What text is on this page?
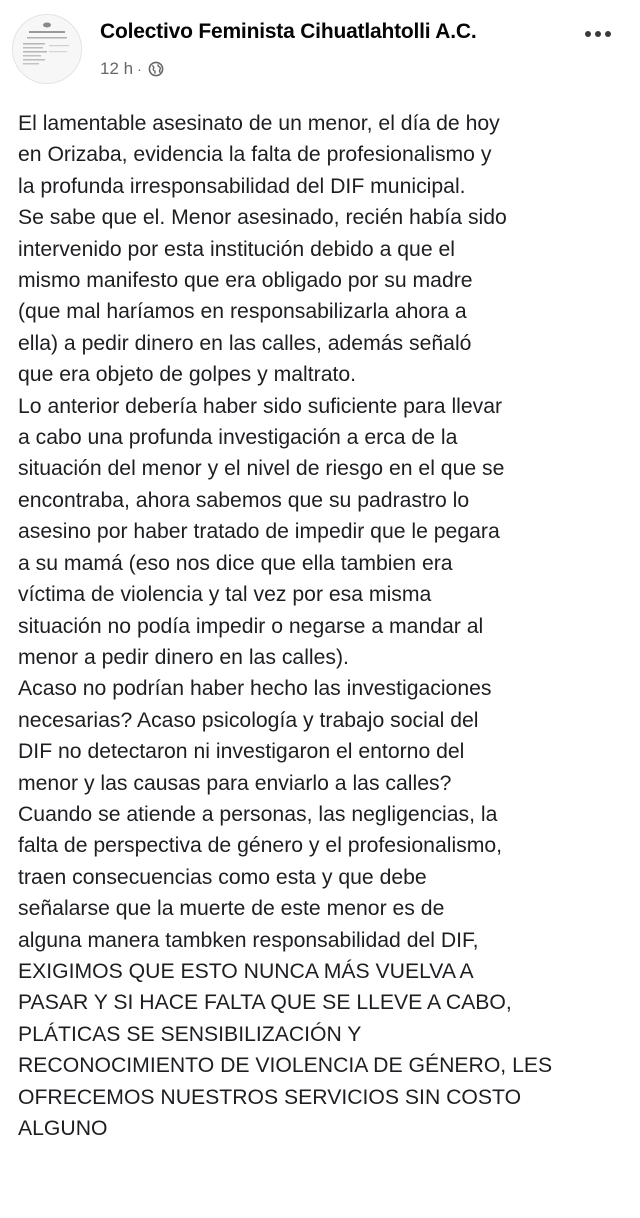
Colectivo Feminista Cihuatlahtolli A.C.
12 h ·

El lamentable asesinato de un menor, el día de hoy

en Orizaba, evidencia la falta de profesionalismo y

la profunda irresponsabilidad del DIF municipal.

Se sabe que el. Menor asesinado, recién había sido

intervenido por esta institución debido a que el

mismo manifesto que era obligado por su madre

(que mal haríamos en responsabilizarla ahora a

ella) a pedir dinero en las calles, además señaló

que era objeto de golpes y maltrato.

Lo anterior debería haber sido suficiente para llevar

a cabo una profunda investigación a erca de la

situación del menor y el nivel de riesgo en el que se

encontraba, ahora sabemos que su padrastro lo

asesino por haber tratado de impedir que le pegara

a su mamá (eso nos dice que ella tambien era

víctima de violencia y tal vez por esa misma

situación no podía impedir o negarse a mandar al

menor a pedir dinero en las calles).

Acaso no podrían haber hecho las investigaciones

necesarias? Acaso psicología y trabajo social del

DIF no detectaron ni investigaron el entorno del

menor y las causas para enviarlo a las calles?

Cuando se atiende a personas, las negligencias, la

falta de perspectiva de género y el profesionalismo,

traen consecuencias como esta y que debe

señalarse que la muerte de este menor es de

alguna manera tambken responsabilidad del DIF,

EXIGIMOS QUE ESTO NUNCA MÁS VUELVA A

PASAR Y SI HACE FALTA QUE SE LLEVE A CABO,

PLÁTICAS SE SENSIBILIZACIÓN Y

RECONOCIMIENTO DE VIOLENCIA DE GÉNERO, LES

OFRECEMOS NUESTROS SERVICIOS SIN COSTO

ALGUNO
